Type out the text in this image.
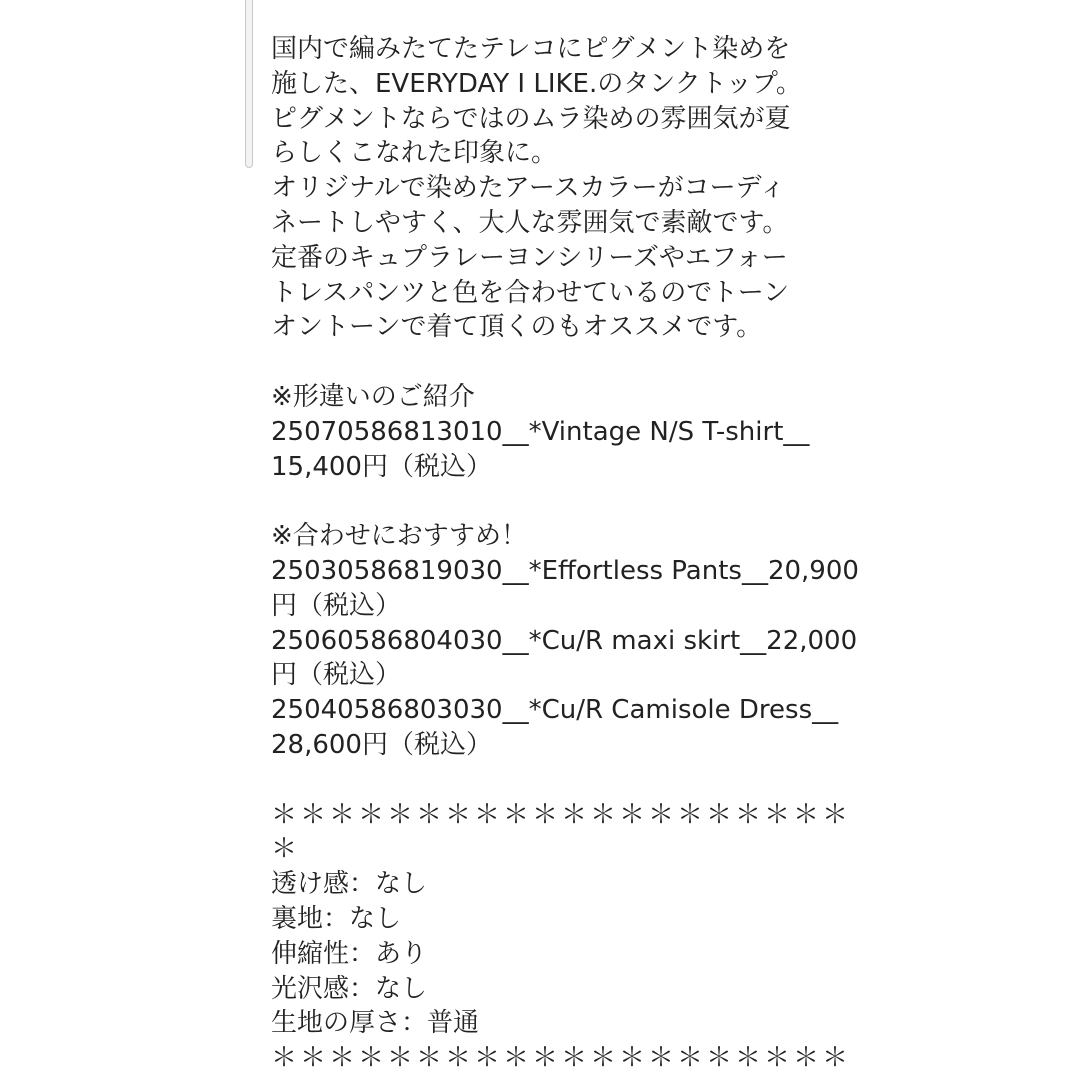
国内で編みたてたテレコにピグメント染めを
施した、EVERYDAY I LIKE.のタンクトップ。
ピグメントならではのムラ染めの雰囲気が夏
らしくこなれた印象に。
オリジナルで染めたアースカラーがコーディ
ネートしやすく、大人な雰囲気で素敵です。
定番のキュプラレーヨンシリーズやエフォー
トレスパンツと色を合わせているのでトーン
オントーンで着て頂くのもオススメです。
※形違いのご紹介
25070586813010__*Vintage N/S T-shirt__
15,400円（税込）
※合わせにおすすめ！
25030586819030__*Effortless Pants__20,900
円（税込）
25060586804030__*Cu/R maxi skirt__22,000
円（税込）
25040586803030__*Cu/R Camisole Dress__
28,600円（税込）
＊＊＊＊＊＊＊＊＊＊＊＊＊＊＊＊＊＊＊＊
＊
透け感：なし
裏地：なし
伸縮性：あり
光沢感：なし
生地の厚さ：普通
＊＊＊＊＊＊＊＊＊＊＊＊＊＊＊＊＊＊＊＊
